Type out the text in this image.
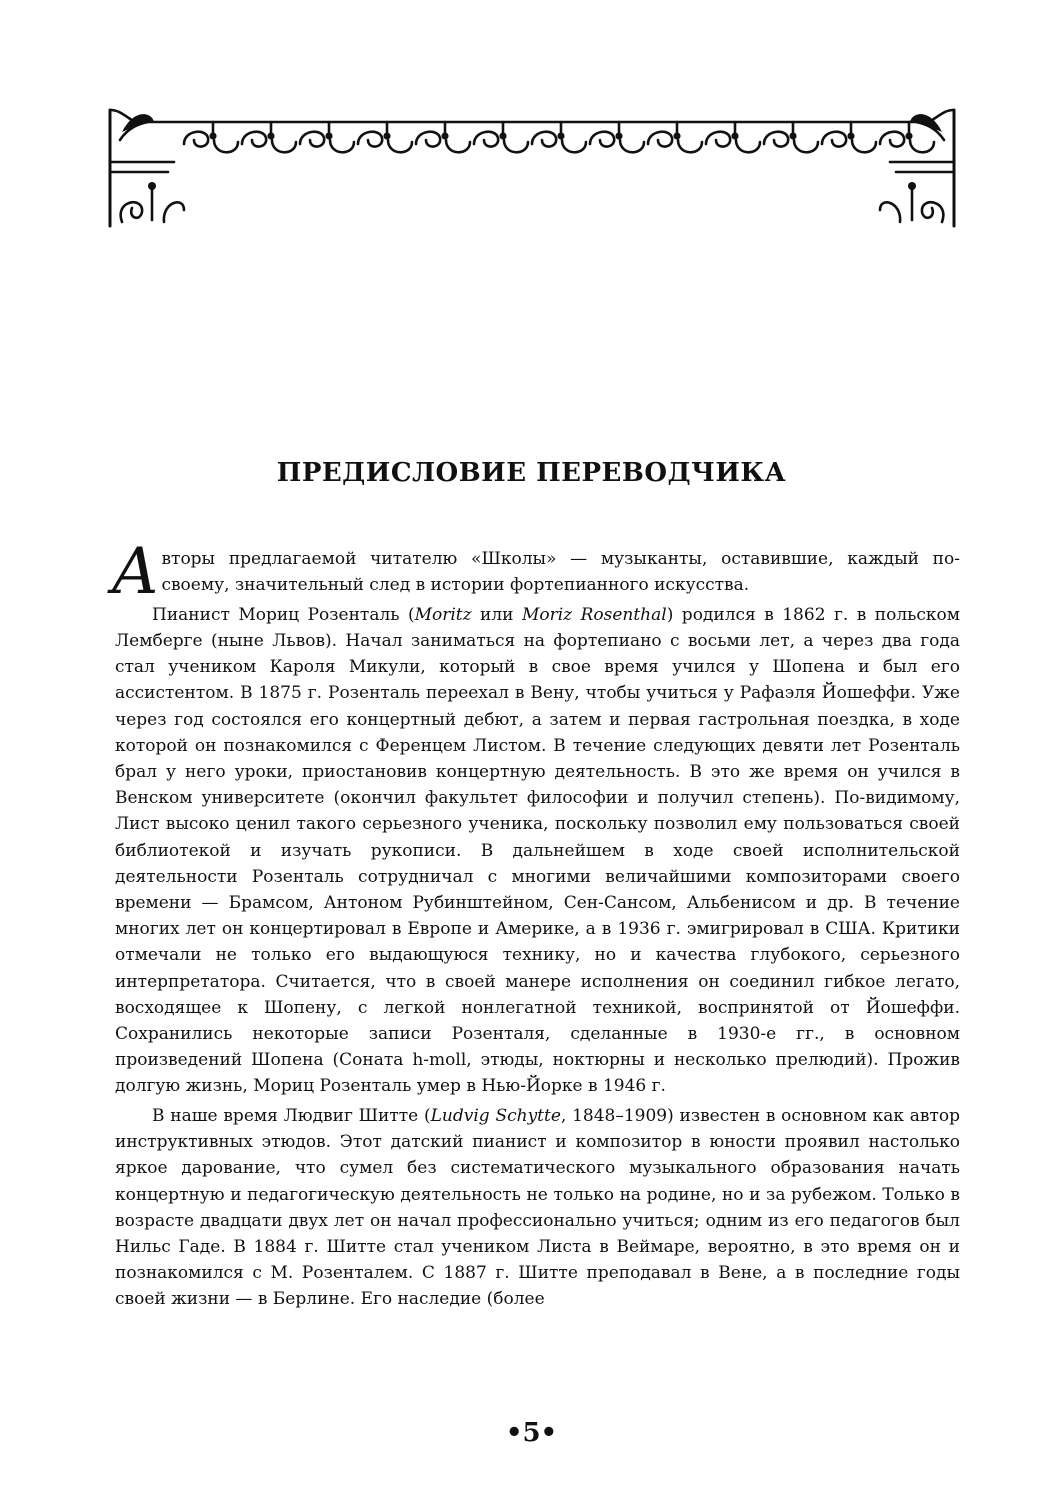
ПРЕДИСЛОВИЕ ПЕРЕВОДЧИКА

Авторы предлагаемой читателю «Школы» — музыканты, оставившие, каждый по-своему, значительный след в истории фортепианного искусства.

Пианист Мориц Розенталь (Moritz или Moriz Rosenthal) родился в 1862 г. в польском Лемберге (ныне Львов). Начал заниматься на фортепиано с восьми лет, а через два года стал учеником Кароля Микули, который в свое время учился у Шопена и был его ассистентом. В 1875 г. Розенталь переехал в Вену, чтобы учиться у Рафаэля Йошеффи. Уже через год состоялся его концертный дебют, а затем и первая гастрольная поездка, в ходе которой он познакомился с Ференцем Листом. В течение следующих девяти лет Розенталь брал у него уроки, приостановив концертную деятельность. В это же время он учился в Венском университете (окончил факультет философии и получил степень). По-видимому, Лист высоко ценил такого серьезного ученика, поскольку позволил ему пользоваться своей библиотекой и изучать рукописи. В дальнейшем в ходе своей исполнительской деятельности Розенталь сотрудничал с многими величайшими композиторами своего времени — Брамсом, Антоном Рубинштейном, Сен-Сансом, Альбенисом и др. В течение многих лет он концертировал в Европе и Америке, а в 1936 г. эмигрировал в США. Критики отмечали не только его выдающуюся технику, но и качества глубокого, серьезного интерпретатора. Считается, что в своей манере исполнения он соединил гибкое легато, восходящее к Шопену, с легкой нонлегатной техникой, воспринятой от Йошеффи. Сохранились некоторые записи Розенталя, сделанные в 1930-е гг., в основном произведений Шопена (Соната h-moll, этюды, ноктюрны и несколько прелюдий). Прожив долгую жизнь, Мориц Розенталь умер в Нью-Йорке в 1946 г.

В наше время Людвиг Шитте (Ludvig Schytte, 1848–1909) известен в основном как автор инструктивных этюдов. Этот датский пианист и композитор в юности проявил настолько яркое дарование, что сумел без систематического музыкального образования начать концертную и педагогическую деятельность не только на родине, но и за рубежом. Только в возрасте двадцати двух лет он начал профессионально учиться; одним из его педагогов был Нильс Гаде. В 1884 г. Шитте стал учеником Листа в Веймаре, вероятно, в это время он и познакомился с М. Розенталем. С 1887 г. Шитте преподавал в Вене, а в последние годы своей жизни — в Берлине. Его наследие (более

•5•
